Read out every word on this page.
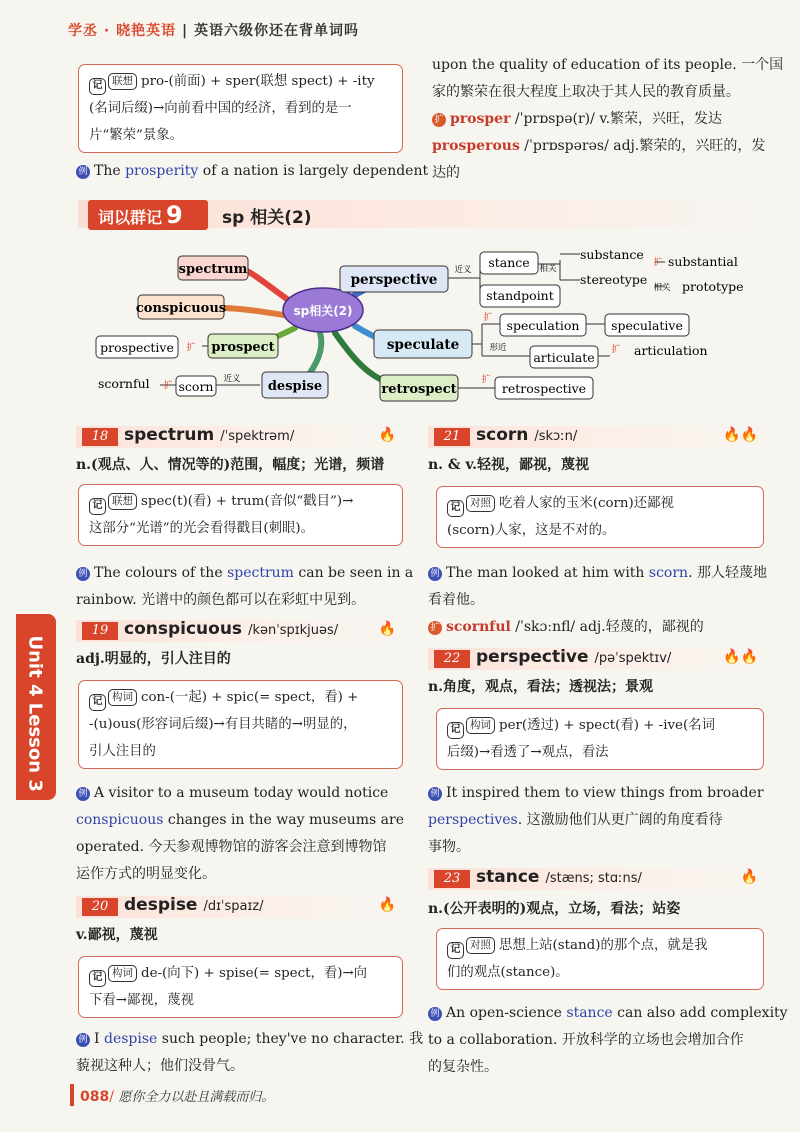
学丞 · 晓艳英语 | 英语六级你还在背单词吗
记 联想 pro-(前面) + sper(联想 spect) + -ity
(名词后缀)→向前看中国的经济，看到的是一
片“繁荣”景象。
例 The prosperity of a nation is largely dependent
upon the quality of education of its people. 一个国
家的繁荣在很大程度上取决于其人民的教育质量。
扩 prosper /ˈprɒspə(r)/ v.繁荣，兴旺，发达
prosperous /ˈprɒspərəs/ adj.繁荣的，兴旺的，发
达的
词以群记 9	sp 相关(2)
sp相关(2)
spectrum
conspicuous
prospect
prospective 扩
despise
scorn 近义
scornful 扩
perspective
近义 stance
standpoint
相关
substance
stereotype
扩 substantial
相关 prototype
speculate
扩 speculation	speculative
形近
articulate 扩 articulation
retrospect
扩
retrospective
Unit 4 Lesson 3
18 spectrum /ˈspektrəm/	🔥
n.(观点、人、情况等的)范围，幅度；光谱，频谱
记 联想 spec(t)(看) + trum(音似“戳目”)→
这部分“光谱”的光会看得戳目(刺眼)。
例 The colours of the spectrum can be seen in a
rainbow. 光谱中的颜色都可以在彩虹中见到。
19 conspicuous /kənˈspɪkjuəs/	🔥
adj.明显的，引人注目的
记 构词 con-(一起) + spic(= spect，看) +
-(u)ous(形容词后缀)→有目共睹的→明显的，
引人注目的
例 A visitor to a museum today would notice
conspicuous changes in the way museums are
operated. 今天参观博物馆的游客会注意到博物馆
运作方式的明显变化。
20 despise /dɪˈspaɪz/	🔥
v.鄙视，蔑视
记 构词 de-(向下) + spise(= spect，看)→向
下看→鄙视，蔑视
例 I despise such people; they've no character. 我
藐视这种人；他们没骨气。
21 scorn /skɔːn/	🔥🔥
n. & v.轻视，鄙视，蔑视
记 对照 吃着人家的玉米(corn)还鄙视
(scorn)人家，这是不对的。
例 The man looked at him with scorn. 那人轻蔑地
看着他。
扩 scornful /ˈskɔːnfl/ adj.轻蔑的，鄙视的
22 perspective /pəˈspektɪv/	🔥🔥
n.角度，观点，看法；透视法；景观
记 构词 per(透过) + spect(看) + -ive(名词
后缀)→看透了→观点，看法
例 It inspired them to view things from broader
perspectives. 这激励他们从更广阔的角度看待
事物。
23 stance /stæns; stɑːns/	🔥
n.(公开表明的)观点，立场，看法；站姿
记 对照 思想上站(stand)的那个点，就是我
们的观点(stance)。
例 An open-science stance can also add complexity
to a collaboration. 开放科学的立场也会增加合作
的复杂性。
088/ 愿你全力以赴且满载而归。
